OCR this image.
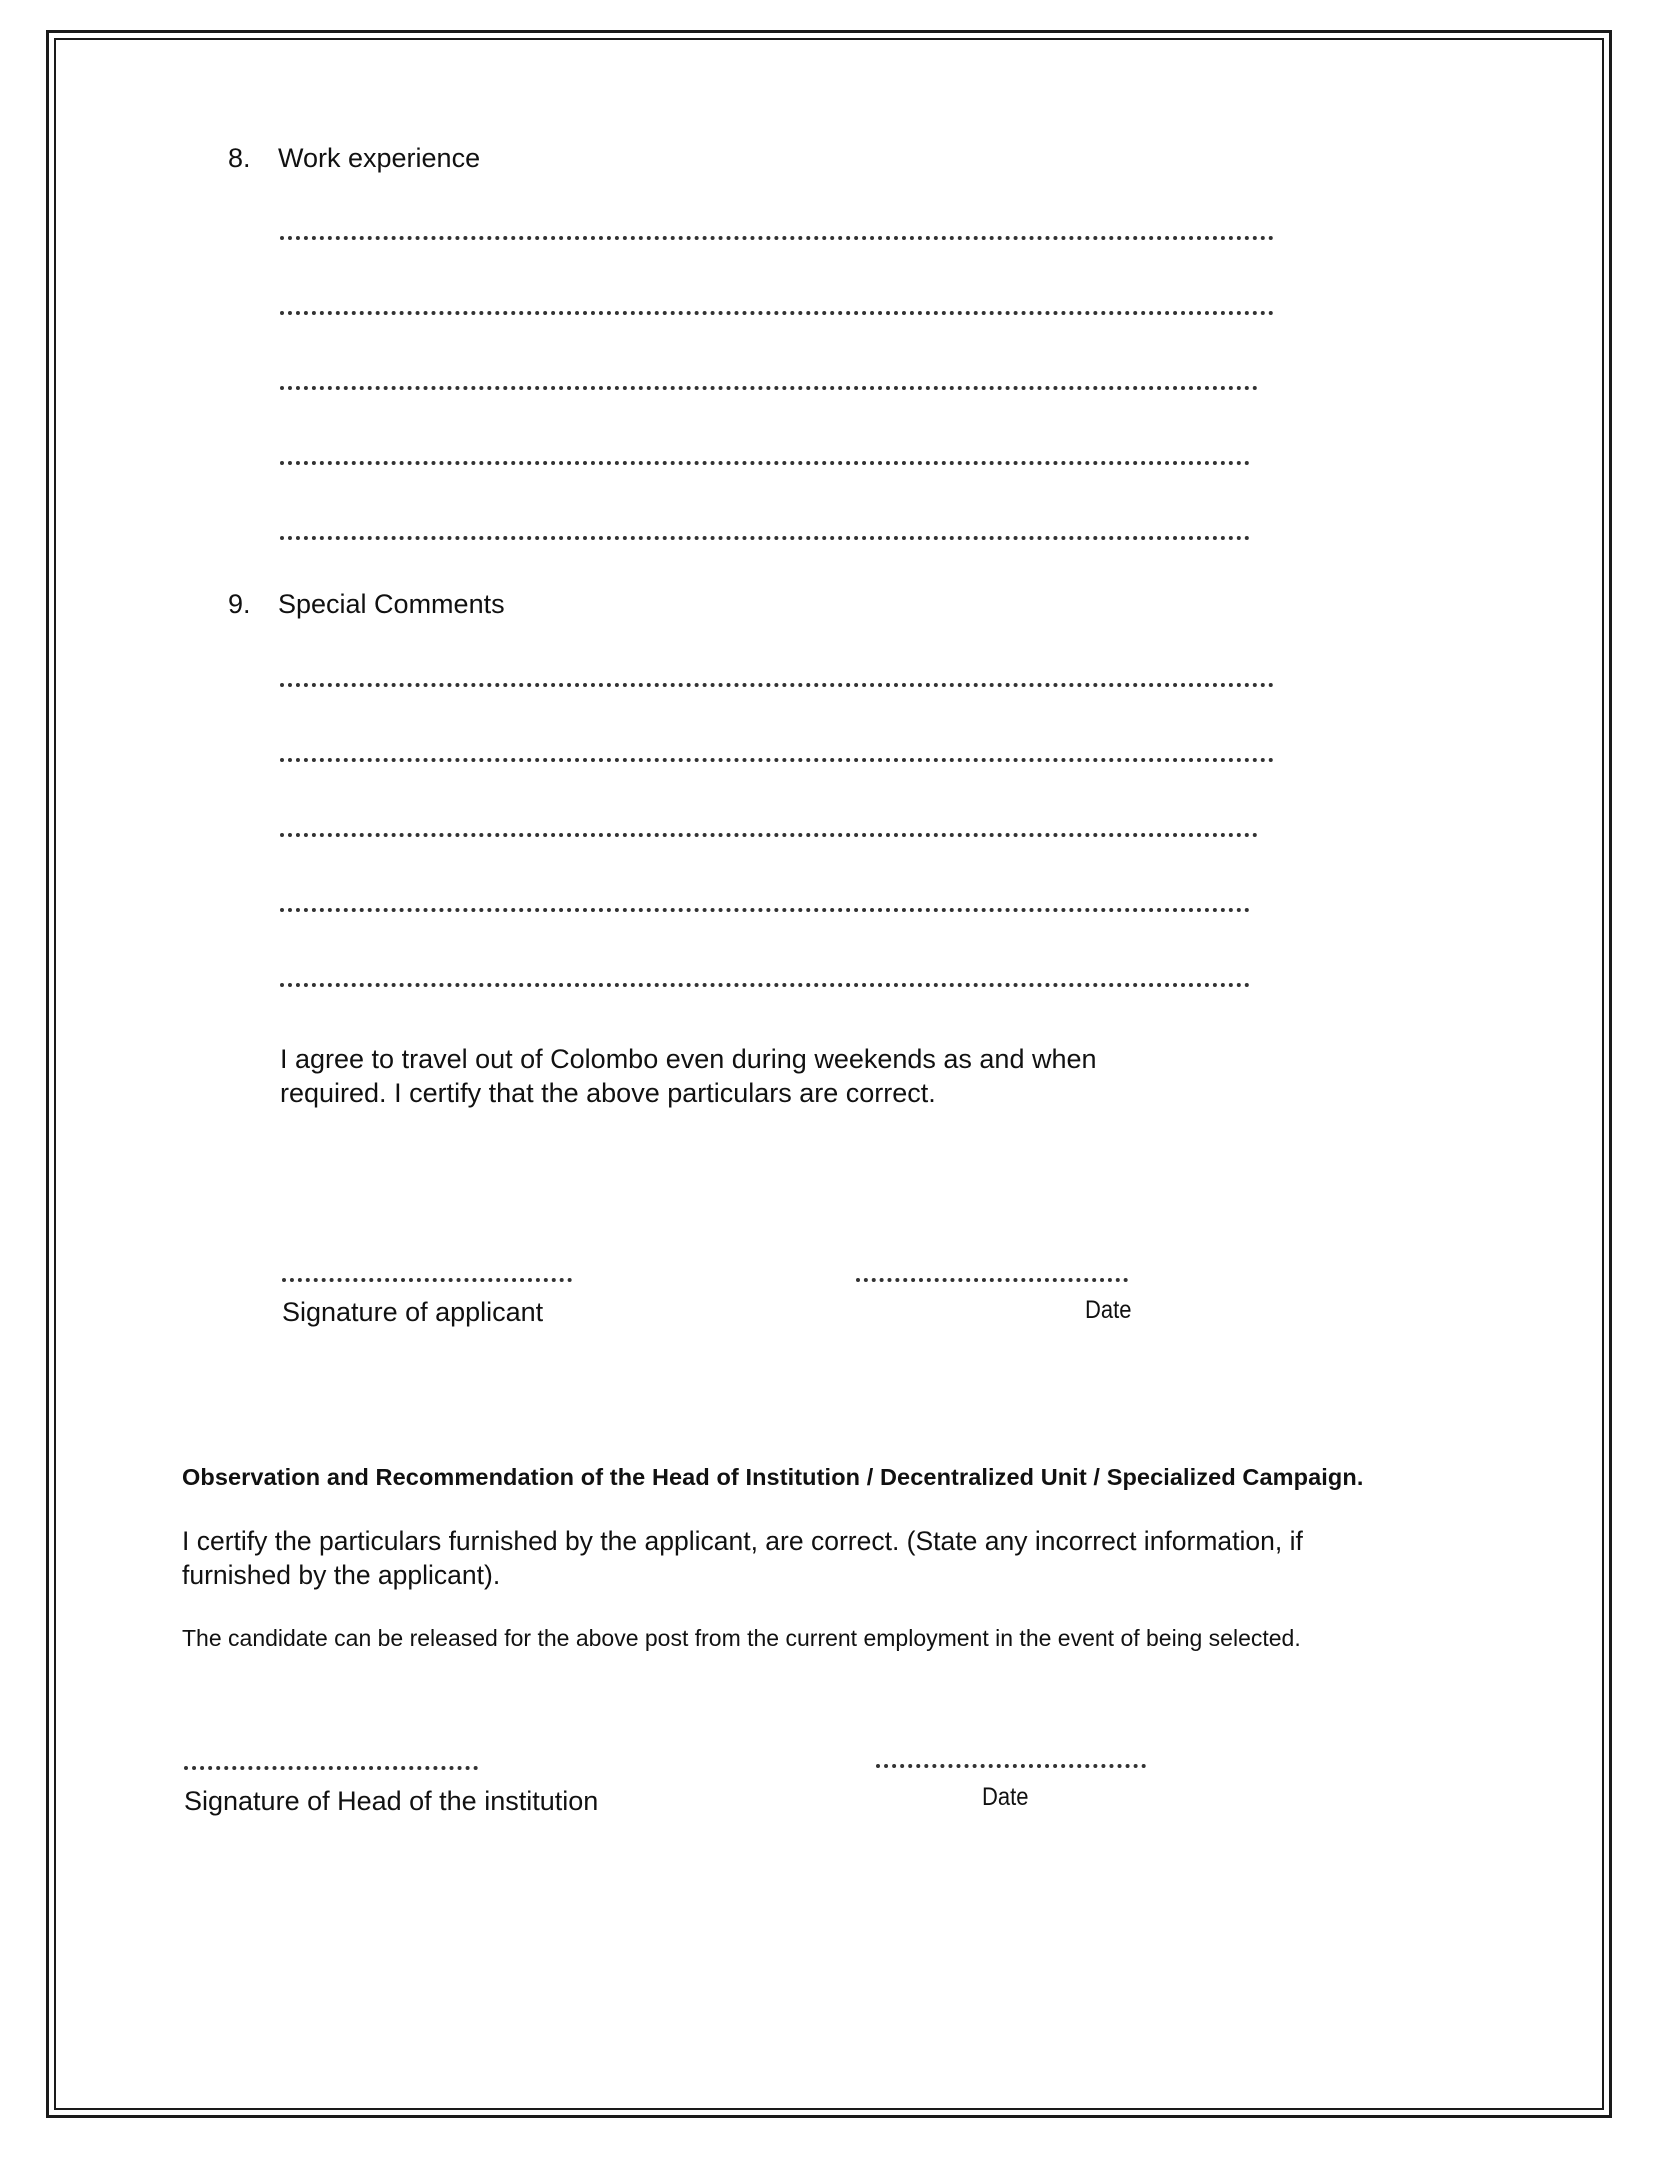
8. Work experience
9. Special Comments
I agree to travel out of Colombo even during weekends as and when
required. I certify that the above particulars are correct.
Signature of applicant	Date
Observation and Recommendation of the Head of Institution / Decentralized Unit / Specialized Campaign.
I certify the particulars furnished by the applicant, are correct. (State any incorrect information, if
furnished by the applicant).
The candidate can be released for the above post from the current employment in the event of being selected.
Signature of Head of the institution	Date
